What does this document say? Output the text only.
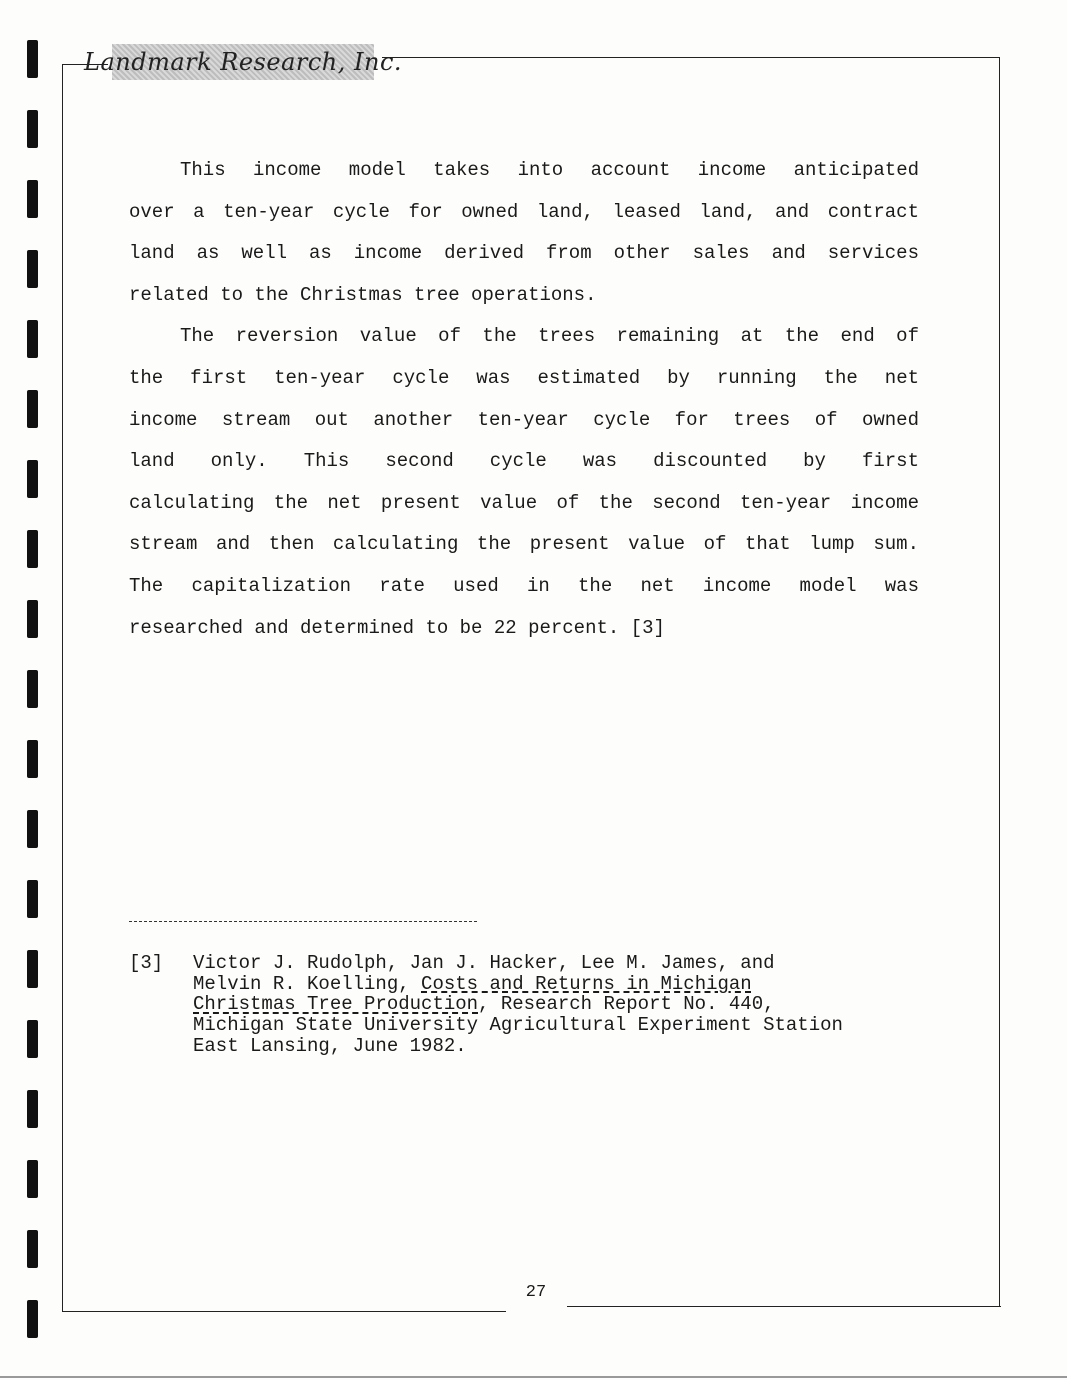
Landmark Research, Inc.
This income model takes into account income anticipated
over a ten-year cycle for owned land, leased land, and contract
land as well as income derived from other sales and services
related to the Christmas tree operations.
The reversion value of the trees remaining at the end of
the first ten-year cycle was estimated by running the net
income stream out another ten-year cycle for trees of owned
land only. This second cycle was discounted by first
calculating the net present value of the second ten-year income
stream and then calculating the present value of that lump sum.
The capitalization rate used in the net income model was
researched and determined to be 22 percent. [3]
[3] Victor J. Rudolph, Jan J. Hacker, Lee M. James, and
Melvin R. Koelling, Costs and Returns in Michigan
Christmas Tree Production, Research Report No. 440,
Michigan State University Agricultural Experiment Station
East Lansing, June 1982.
27
